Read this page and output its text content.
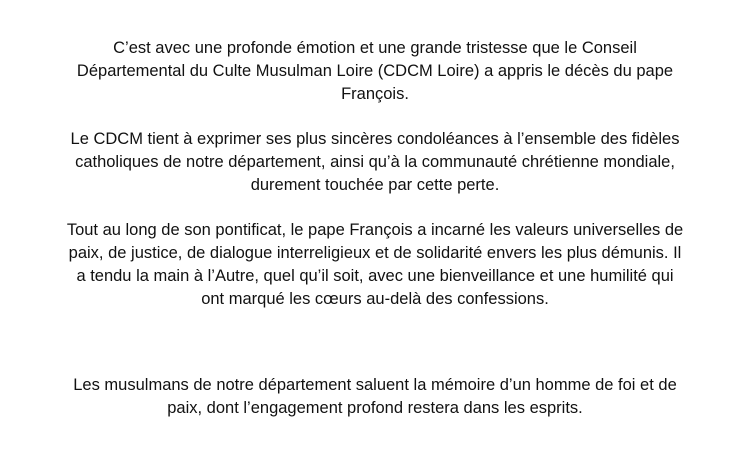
C’est avec une profonde émotion et une grande tristesse que le Conseil
Départemental du Culte Musulman Loire (CDCM Loire) a appris le décès du pape
François.

Le CDCM tient à exprimer ses plus sincères condoléances à l’ensemble des fidèles
catholiques de notre département, ainsi qu’à la communauté chrétienne mondiale,
durement touchée par cette perte.

Tout au long de son pontificat, le pape François a incarné les valeurs universelles de
paix, de justice, de dialogue interreligieux et de solidarité envers les plus démunis. Il
a tendu la main à l’Autre, quel qu’il soit, avec une bienveillance et une humilité qui
ont marqué les cœurs au-delà des confessions.

Les musulmans de notre département saluent la mémoire d’un homme de foi et de
paix, dont l’engagement profond restera dans les esprits.
